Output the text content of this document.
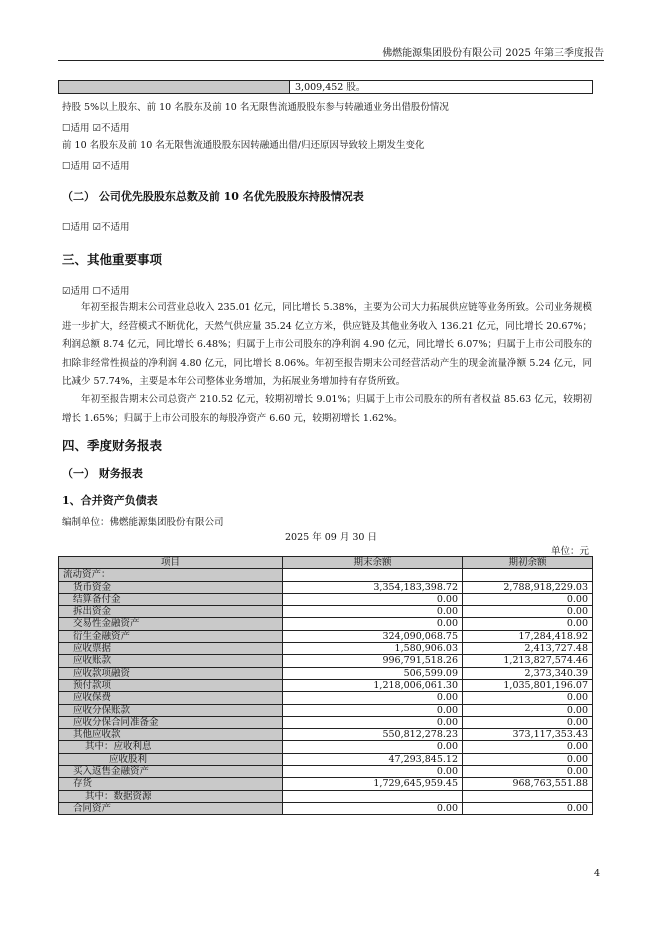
佛燃能源集团股份有限公司 2025 年第三季度报告
3,009,452 股。
持股 5%以上股东、前 10 名股东及前 10 名无限售流通股股东参与转融通业务出借股份情况
☐适用 ☑不适用
前 10 名股东及前 10 名无限售流通股股东因转融通出借/归还原因导致较上期发生变化
☐适用 ☑不适用
（二） 公司优先股股东总数及前 10 名优先股股东持股情况表
☐适用 ☑不适用
三、其他重要事项
☑适用 ☐不适用
年初至报告期末公司营业总收入 235.01 亿元，同比增长 5.38%，主要为公司大力拓展供应链等业务所致。公司业务规模进一步扩大，经营模式不断优化，天然气供应量 35.24 亿立方米，供应链及其他业务收入 136.21 亿元，同比增长 20.67%；利润总额 8.74 亿元，同比增长 6.48%；归属于上市公司股东的净利润 4.90 亿元，同比增长 6.07%；归属于上市公司股东的扣除非经常性损益的净利润 4.80 亿元，同比增长 8.06%。年初至报告期末公司经营活动产生的现金流量净额 5.24 亿元，同比减少 57.74%，主要是本年公司整体业务增加，为拓展业务增加持有存货所致。
年初至报告期末公司总资产 210.52 亿元，较期初增长 9.01%；归属于上市公司股东的所有者权益 85.63 亿元，较期初增长 1.65%；归属于上市公司股东的每股净资产 6.60 元，较期初增长 1.62%。
四、季度财务报表
（一） 财务报表
1、合并资产负债表
编制单位：佛燃能源集团股份有限公司
2025 年 09 月 30 日
单位：元
项目	期末余额	期初余额
流动资产：		
货币资金	3,354,183,398.72	2,788,918,229.03
结算备付金	0.00	0.00
拆出资金	0.00	0.00
交易性金融资产	0.00	0.00
衍生金融资产	324,090,068.75	17,284,418.92
应收票据	1,580,906.03	2,413,727.48
应收账款	996,791,518.26	1,213,827,574.46
应收款项融资	506,599.09	2,373,340.39
预付款项	1,218,006,061.30	1,035,801,196.07
应收保费	0.00	0.00
应收分保账款	0.00	0.00
应收分保合同准备金	0.00	0.00
其他应收款	550,812,278.23	373,117,353.43
其中：应收利息	0.00	0.00
应收股利	47,293,845.12	0.00
买入返售金融资产	0.00	0.00
存货	1,729,645,959.45	968,763,551.88
其中：数据资源		
合同资产	0.00	0.00
4
